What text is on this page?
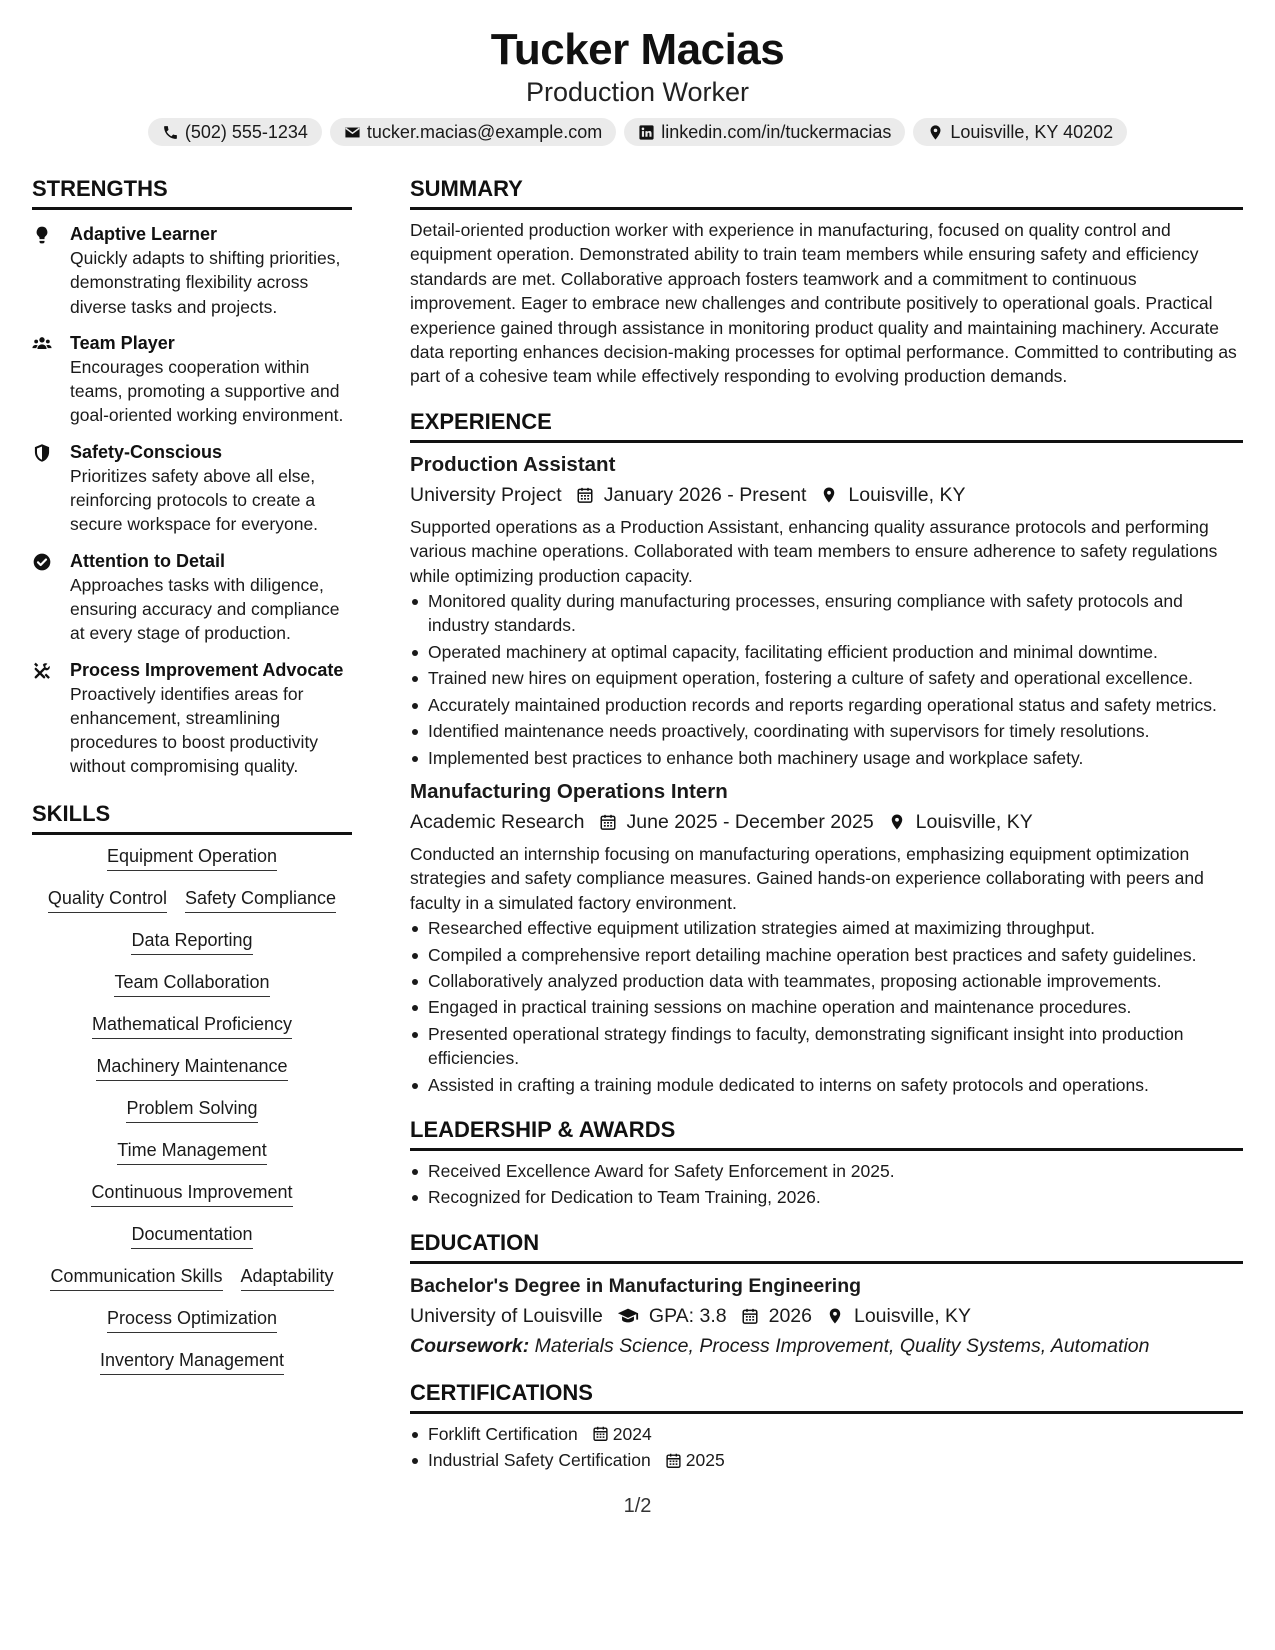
Tucker Macias
Production Worker
(502) 555-1234	tucker.macias@example.com	linkedin.com/in/tuckermacias	Louisville, KY 40202
STRENGTHS
Adaptive Learner

Quickly adapts to shifting priorities, demonstrating flexibility across diverse tasks and projects.

Team Player

Encourages cooperation within teams, promoting a supportive and goal-oriented working environment.

Safety-Conscious

Prioritizes safety above all else, reinforcing protocols to create a secure workspace for everyone.

Attention to Detail

Approaches tasks with diligence, ensuring accuracy and compliance at every stage of production.

Process Improvement Advocate

Proactively identifies areas for enhancement, streamlining procedures to boost productivity without compromising quality.

SKILLS
Equipment Operation
Quality Control Safety Compliance
Data Reporting
Team Collaboration
Mathematical Proficiency
Machinery Maintenance
Problem Solving
Time Management
Continuous Improvement
Documentation
Communication Skills Adaptability
Process Optimization
Inventory Management
SUMMARY

Detail-oriented production worker with experience in manufacturing, focused on quality control and equipment operation. Demonstrated ability to train team members while ensuring safety and efficiency standards are met. Collaborative approach fosters teamwork and a commitment to continuous improvement. Eager to embrace new challenges and contribute positively to operational goals. Practical experience gained through assistance in monitoring product quality and maintaining machinery. Accurate data reporting enhances decision-making processes for optimal performance. Committed to contributing as part of a cohesive team while effectively responding to evolving production demands.

EXPERIENCE
Production Assistant
University Project January 2026 - Present Louisville, KY

Supported operations as a Production Assistant, enhancing quality assurance protocols and performing various machine operations. Collaborated with team members to ensure adherence to safety regulations while optimizing production capacity.

Monitored quality during manufacturing processes, ensuring compliance with safety protocols and industry standards.
Operated machinery at optimal capacity, facilitating efficient production and minimal downtime.
Trained new hires on equipment operation, fostering a culture of safety and operational excellence.
Accurately maintained production records and reports regarding operational status and safety metrics.
Identified maintenance needs proactively, coordinating with supervisors for timely resolutions.
Implemented best practices to enhance both machinery usage and workplace safety.
Manufacturing Operations Intern
Academic Research June 2025 - December 2025 Louisville, KY

Conducted an internship focusing on manufacturing operations, emphasizing equipment optimization strategies and safety compliance measures. Gained hands-on experience collaborating with peers and faculty in a simulated factory environment.

Researched effective equipment utilization strategies aimed at maximizing throughput.
Compiled a comprehensive report detailing machine operation best practices and safety guidelines.
Collaboratively analyzed production data with teammates, proposing actionable improvements.
Engaged in practical training sessions on machine operation and maintenance procedures.
Presented operational strategy findings to faculty, demonstrating significant insight into production efficiencies.
Assisted in crafting a training module dedicated to interns on safety protocols and operations.
LEADERSHIP & AWARDS
Received Excellence Award for Safety Enforcement in 2025.
Recognized for Dedication to Team Training, 2026.
EDUCATION
Bachelor's Degree in Manufacturing Engineering
University of Louisville GPA: 3.8 2026 Louisville, KY
Coursework: Materials Science, Process Improvement, Quality Systems, Automation
CERTIFICATIONS
Forklift Certification 2024
Industrial Safety Certification 2025
1/2
